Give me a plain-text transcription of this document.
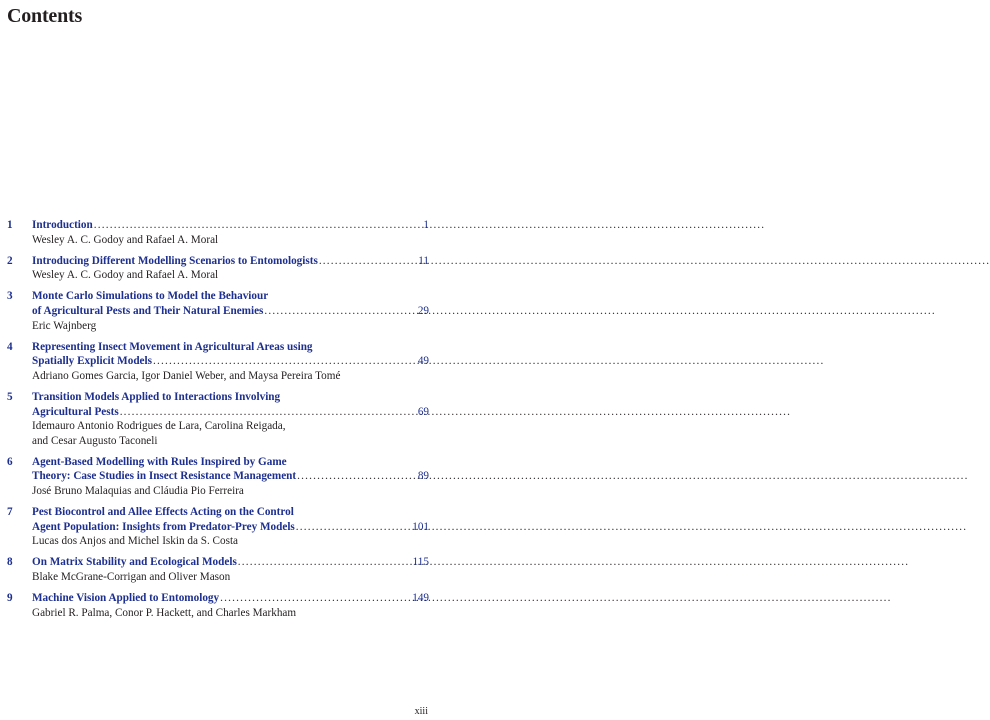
Contents
1 Introduction .....	1
Wesley A. C. Godoy and Rafael A. Moral
2 Introducing Different Modelling Scenarios to Entomologists .....	11
Wesley A. C. Godoy and Rafael A. Moral
3 Monte Carlo Simulations to Model the Behaviour
of Agricultural Pests and Their Natural Enemies .....	29
Eric Wajnberg
4 Representing Insect Movement in Agricultural Areas using
Spatially Explicit Models .....	49
Adriano Gomes Garcia, Igor Daniel Weber, and Maysa Pereira Tomé
5 Transition Models Applied to Interactions Involving
Agricultural Pests .....	69
Idemauro Antonio Rodrigues de Lara, Carolina Reigada,
and Cesar Augusto Taconeli
6 Agent-Based Modelling with Rules Inspired by Game
Theory: Case Studies in Insect Resistance Management .....	89
José Bruno Malaquias and Cláudia Pio Ferreira
7 Pest Biocontrol and Allee Effects Acting on the Control
Agent Population: Insights from Predator-Prey Models .....	101
Lucas dos Anjos and Michel Iskin da S. Costa
8 On Matrix Stability and Ecological Models .....	115
Blake McGrane-Corrigan and Oliver Mason
9 Machine Vision Applied to Entomology .....	149
Gabriel R. Palma, Conor P. Hackett, and Charles Markham
xiii
